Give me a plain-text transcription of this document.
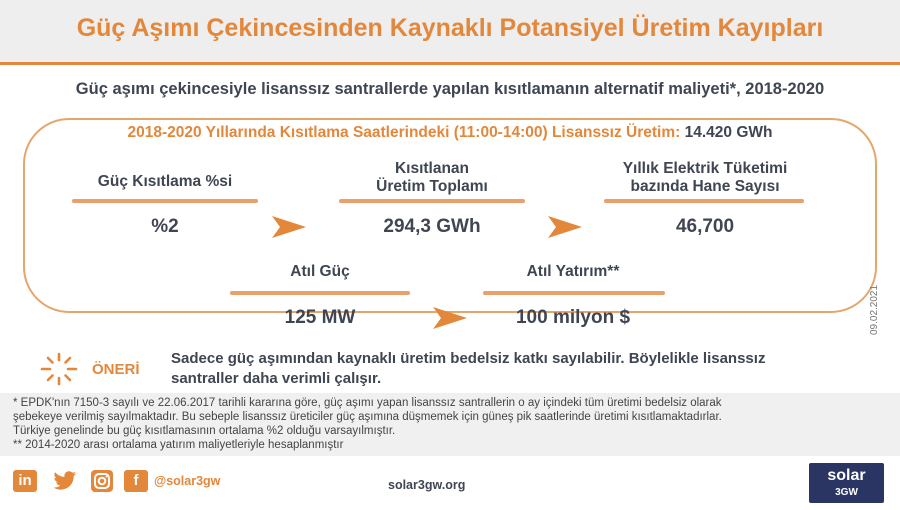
Güç Aşımı Çekincesinden Kaynaklı Potansiyel Üretim Kayıpları
Güç aşımı çekincesiyle lisanssız santrallerde yapılan kısıtlamanın alternatif maliyeti*, 2018-2020
2018-2020 Yıllarında Kısıtlama Saatlerindeki (11:00-14:00) Lisanssız Üretim: 14.420 GWh
Güç Kısıtlama %si
%2
Kısıtlanan
Üretim Toplamı
294,3 GWh
Yıllık Elektrik Tüketimi
bazında Hane Sayısı
46,700
Atıl Güç
125 MW
Atıl Yatırım**
100 milyon $
ÖNERİ
Sadece güç aşımından kaynaklı üretim bedelsiz katkı sayılabilir. Böylelikle lisanssız
santraller daha verimli çalışır.
09.02.2021
* EPDK'nın 7150-3 sayılı ve 22.06.2017 tarihli kararına göre, güç aşımı yapan lisanssız santrallerin o ay içindeki tüm üretimi bedelsiz olarak
şebekeye verilmiş sayılmaktadır. Bu sebeple lisanssız üreticiler güç aşımına düşmemek için güneş pik saatlerinde üretimi kısıtlamaktadırlar.
Türkiye genelinde bu güç kısıtlamasının ortalama %2 olduğu varsayılmıştır.
** 2014-2020 arası ortalama yatırım maliyetleriyle hesaplanmıştır
in	f	@solar3gw	solar3gw.org
solar
3GW
